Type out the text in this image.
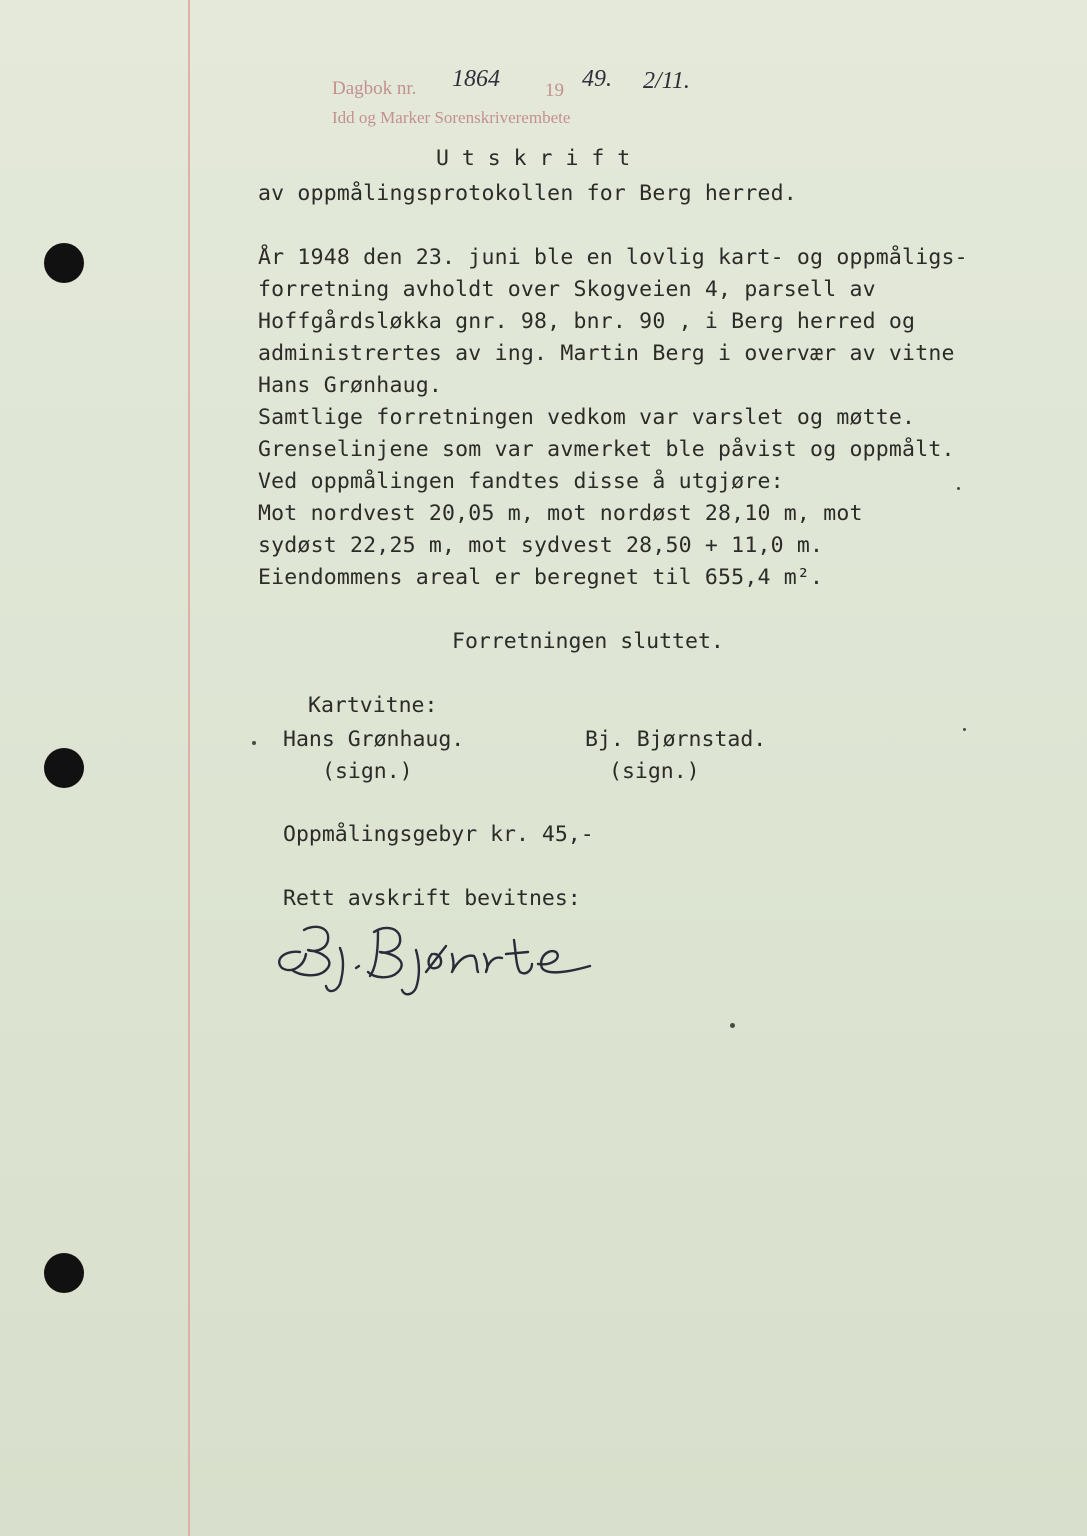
Dagbok nr.	19
Idd og Marker Sorenskriverembete
1864	49. 2/11.
U t s k r i f t
av oppmålingsprotokollen for Berg herred.
År 1948 den 23. juni ble en lovlig kart- og oppmåligs-
forretning avholdt over Skogveien 4, parsell av
Hoffgårdsløkka gnr. 98, bnr. 90 , i Berg herred og
administrertes av ing. Martin Berg i overvær av vitne
Hans Grønhaug.
Samtlige forretningen vedkom var varslet og møtte.
Grenselinjene som var avmerket ble påvist og oppmålt.
Ved oppmålingen fandtes disse å utgjøre:
Mot nordvest 20,05 m, mot nordøst 28,10 m, mot
sydøst 22,25 m, mot sydvest 28,50 + 11,0 m.
Eiendommens areal er beregnet til 655,4 m².
Forretningen sluttet.
Kartvitne:
Hans Grønhaug.
(sign.)
Bj. Bjørnstad.
(sign.)
Oppmålingsgebyr kr. 45,-
Rett avskrift bevitnes:
